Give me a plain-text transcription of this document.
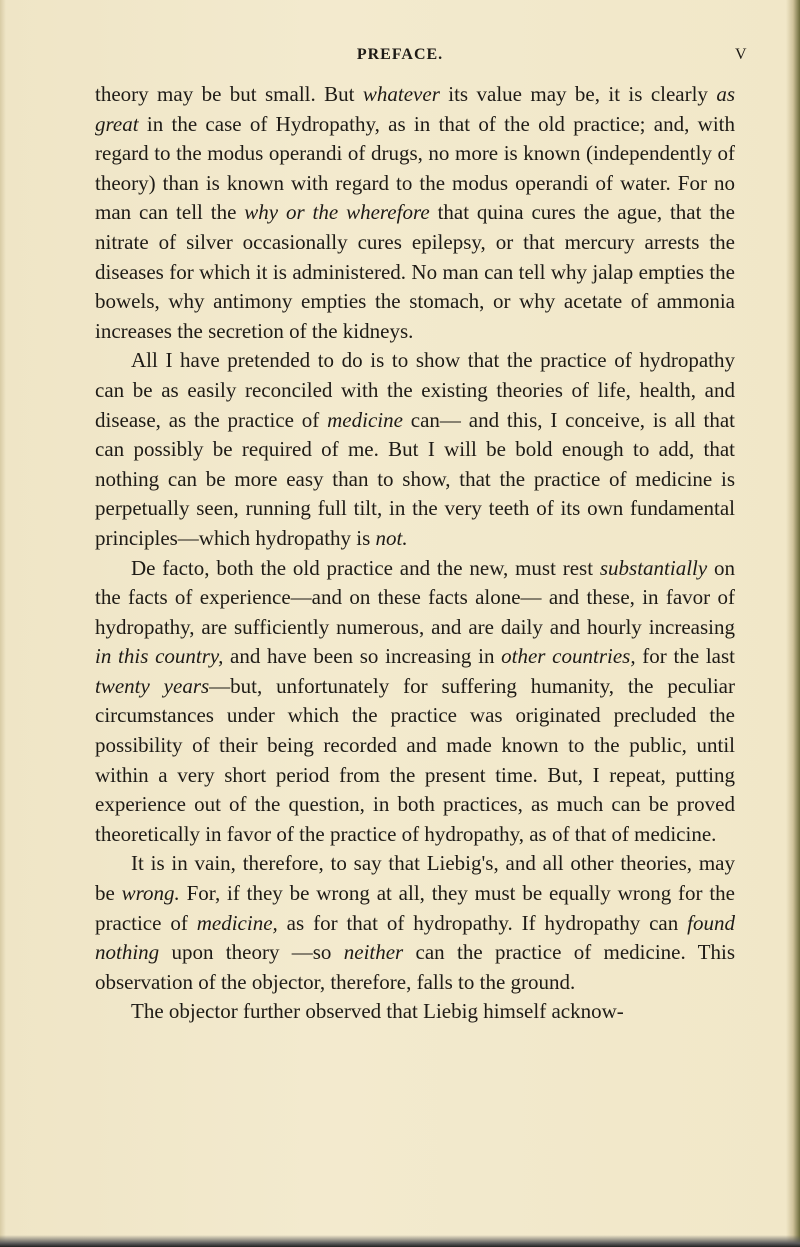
PREFACE.	V

theory may be but small. But whatever its value may be, it is clearly as great in the case of Hydropathy, as in that of the old practice; and, with regard to the modus operandi of drugs, no more is known (independently of theory) than is known with regard to the modus operandi of water. For no man can tell the why or the wherefore that quina cures the ague, that the nitrate of silver occasionally cures epilepsy, or that mercury arrests the diseases for which it is administered. No man can tell why jalap empties the bowels, why antimony empties the stomach, or why acetate of ammonia increases the secretion of the kidneys.

All I have pretended to do is to show that the practice of hydropathy can be as easily reconciled with the existing theories of life, health, and disease, as the practice of medicine can— and this, I conceive, is all that can possibly be required of me. But I will be bold enough to add, that nothing can be more easy than to show, that the practice of medicine is perpetually seen, running full tilt, in the very teeth of its own fundamental principles—which hydropathy is not.

De facto, both the old practice and the new, must rest substantially on the facts of experience—and on these facts alone— and these, in favor of hydropathy, are sufficiently numerous, and are daily and hourly increasing in this country, and have been so increasing in other countries, for the last twenty years—but, unfortunately for suffering humanity, the peculiar circumstances under which the practice was originated precluded the possibility of their being recorded and made known to the public, until within a very short period from the present time. But, I repeat, putting experience out of the question, in both practices, as much can be proved theoretically in favor of the practice of hydropathy, as of that of medicine.

It is in vain, therefore, to say that Liebig's, and all other theories, may be wrong. For, if they be wrong at all, they must be equally wrong for the practice of medicine, as for that of hydropathy. If hydropathy can found nothing upon theory —so neither can the practice of medicine. This observation of the objector, therefore, falls to the ground.

The objector further observed that Liebig himself acknow-
